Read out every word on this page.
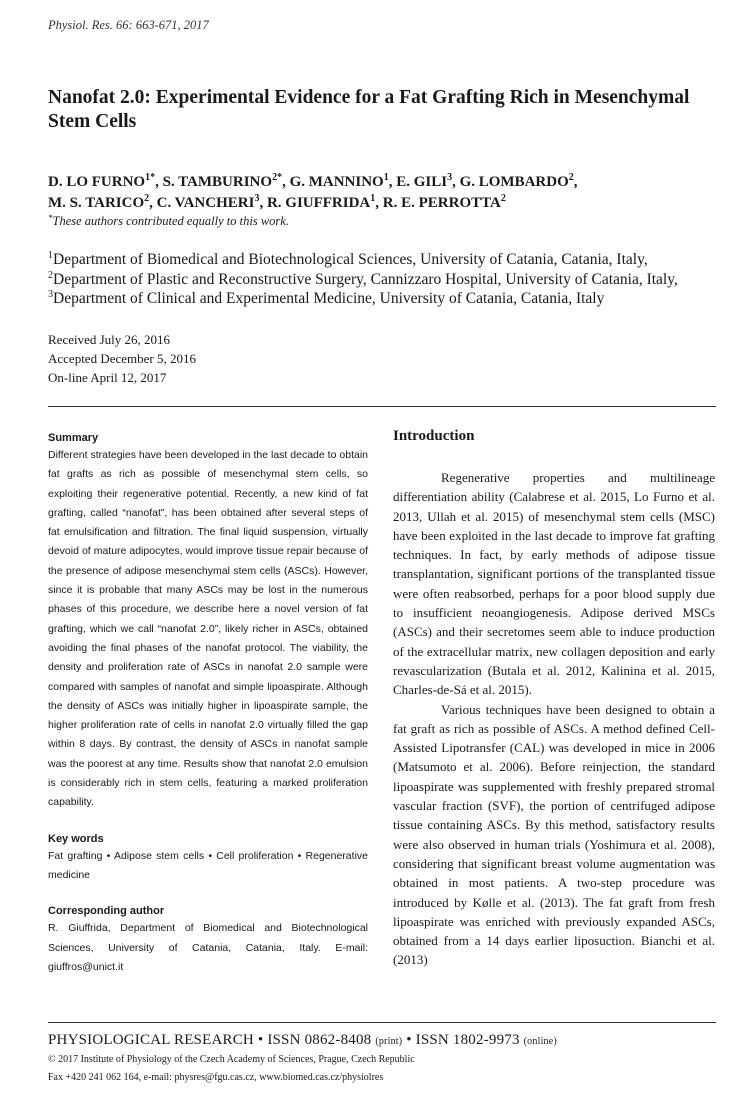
Physiol. Res. 66: 663-671, 2017
Nanofat 2.0: Experimental Evidence for a Fat Grafting Rich in Mesenchymal Stem Cells
D. LO $FURNO^{1*}$, S. $TAMBURINO^{2*}$, G. MANNINO$^1$, E. GILI$^3$, G. LOMBARDO$^2$,
M. S. TARICO$^2$, C. VANCHERI$^3$, R. GIUFFRIDA$^1$, R. E. PERROTTA$^2$
*These authors contributed equally to this work.
$^1$Department of Biomedical and Biotechnological Sciences, University of Catania, Catania, Italy,
$^2$Department of Plastic and Reconstructive Surgery, Cannizzaro Hospital, University of Catania, Italy, $^3$Department of Clinical and Experimental Medicine, University of Catania, Catania, Italy
Received July 26, 2016
Accepted December 5, 2016
On-line April 12, 2017
Summary

Different strategies have been developed in the last decade to obtain fat grafts as rich as possible of mesenchymal stem cells, so exploiting their regenerative potential. Recently, a new kind of fat grafting, called “nanofat”, has been obtained after several steps of fat emulsification and filtration. The final liquid suspension, virtually devoid of mature adipocytes, would improve tissue repair because of the presence of adipose mesenchymal stem cells (ASCs). However, since it is probable that many ASCs may be lost in the numerous phases of this procedure, we describe here a novel version of fat grafting, which we call “nanofat 2.0”, likely richer in ASCs, obtained avoiding the final phases of the nanofat protocol. The viability, the density and proliferation rate of ASCs in nanofat 2.0 sample were compared with samples of nanofat and simple lipoaspirate. Although the density of ASCs was initially higher in lipoaspirate sample, the higher proliferation rate of cells in nanofat 2.0 virtually filled the gap within 8 days. By contrast, the density of ASCs in nanofat sample was the poorest at any time. Results show that nanofat 2.0 emulsion is considerably rich in stem cells, featuring a marked proliferation capability.

Key words

Fat grafting • Adipose stem cells • Cell proliferation • Regenerative medicine

Corresponding author

R. Giuffrida, Department of Biomedical and Biotechnological Sciences, University of Catania, Catania, Italy. E-mail: giuffros@unict.it

Introduction

Regenerative properties and multilineage differentiation ability (Calabrese et al. 2015, Lo Furno et al. 2013, Ullah et al. 2015) of mesenchymal stem cells (MSC) have been exploited in the last decade to improve fat grafting techniques. In fact, by early methods of adipose tissue transplantation, significant portions of the transplanted tissue were often reabsorbed, perhaps for a poor blood supply due to insufficient neoangiogenesis. Adipose derived MSCs (ASCs) and their secretomes seem able to induce production of the extracellular matrix, new collagen deposition and early revascularization (Butala et al. 2012, Kalinina et al. 2015, Charles-de-Sá et al. 2015).

Various techniques have been designed to obtain a fat graft as rich as possible of ASCs. A method defined Cell-Assisted Lipotransfer (CAL) was developed in mice in 2006 (Matsumoto et al. 2006). Before reinjection, the standard lipoaspirate was supplemented with freshly prepared stromal vascular fraction (SVF), the portion of centrifuged adipose tissue containing ASCs. By this method, satisfactory results were also observed in human trials (Yoshimura et al. 2008), considering that significant breast volume augmentation was obtained in most patients. A two-step procedure was introduced by Kølle et al. (2013). The fat graft from fresh lipoaspirate was enriched with previously expanded ASCs, obtained from a 14 days earlier liposuction. Bianchi et al. (2013)

PHYSIOLOGICAL RESEARCH • ISSN 0862-8408 (print) • ISSN 1802-9973 (online)
© 2017 Institute of Physiology of the Czech Academy of Sciences, Prague, Czech Republic
Fax +420 241 062 164, e-mail: physres@fgu.cas.cz, www.biomed.cas.cz/physiolres
